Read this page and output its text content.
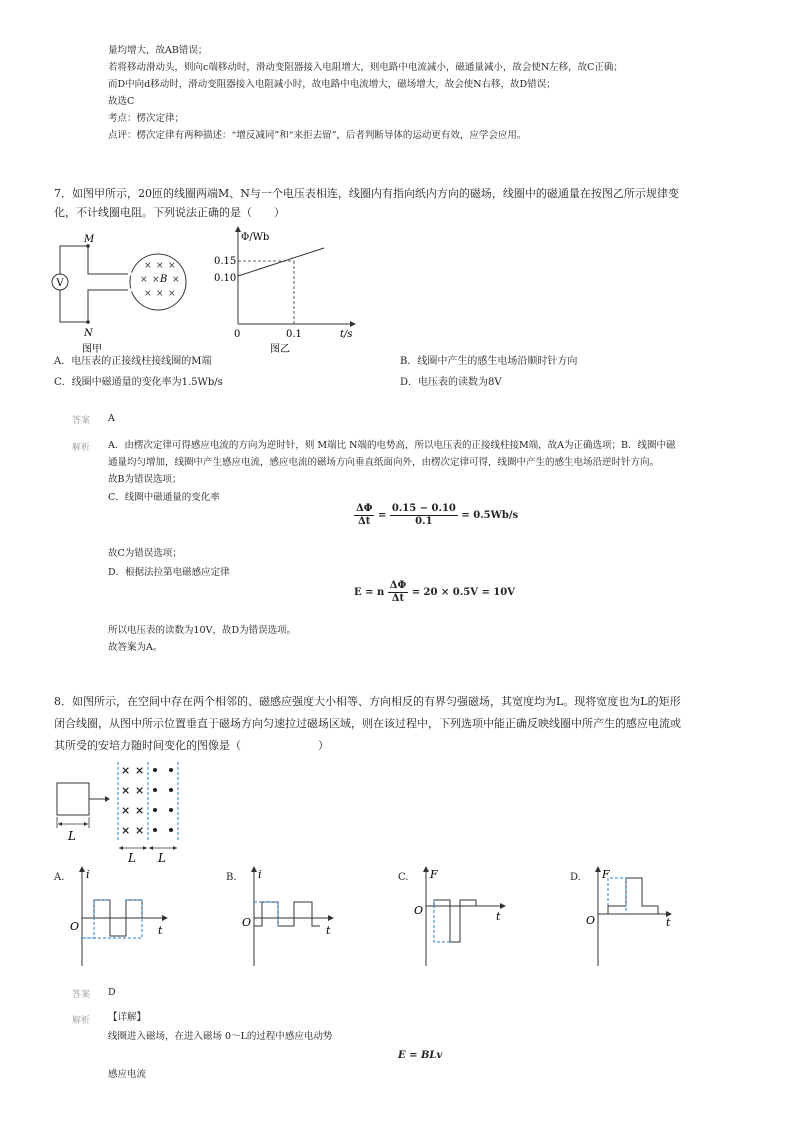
量均增大，故AB错误；
若将移动滑动头，则向c端移动时，滑动变阻器接入电阻增大，则电路中电流减小，磁通量减小，故会使N左移，故C正确；
而D中向d移动时，滑动变阻器接入电阻减小时，故电路中电流增大，磁场增大，故会使N右移，故D错误；
故选C
考点：楞次定律；
点评：楞次定律有两种描述：“增反减同”和“来拒去留”，后者判断导体的运动更有效，应学会应用。
7．如图甲所示，20匝的线圈两端M、N与一个电压表相连，线圈内有指向纸内方向的磁场，线圈中的磁通量在按图乙所示规律变
化，不计线圈电阻。下列说法正确的是（　　）
V
× × ×
× × ×
× × ×
B
M
N
图甲
Φ/Wb
0.15
0.10
0	0.1	t/s
图乙
A．电压表的正接线柱接线圈的M端	B．线圈中产生的感生电场沿顺时针方向
C．线圈中磁通量的变化率为1.5Wb/s	D．电压表的读数为8V
答案 A
解析 A．由楞次定律可得感应电流的方向为逆时针，则 M端比 N端的电势高，所以电压表的正接线柱接M端，故A为正确选项；B．线圈中磁
通量均匀增加，线圈中产生感应电流，感应电流的磁场方向垂直纸面向外，由楞次定律可得，线圈中产生的感生电场沿逆时针方向。
故B为错误选项；
C．线圈中磁通量的变化率
$\frac{\Delta\Phi}{\Delta t} = \frac{0.15 - 0.10}{0.1} = 0.5Wb/s$
故C为错误选项；
D．根据法拉第电磁感应定律
E = n $\frac{\Delta\Phi}{\Delta t} = 20 \times 0.5V = 10V$
所以电压表的读数为10V，故D为错误选项。
故答案为A。
8．如图所示，在空间中存在两个相邻的、磁感应强度大小相等、方向相反的有界匀强磁场，其宽度均为L。现将宽度也为L的矩形
闭合线圈，从图中所示位置垂直于磁场方向匀速拉过磁场区域，则在该过程中，下列选项中能正确反映线圈中所产生的感应电流或
其所受的安培力随时间变化的图像是（　　　　　　　）
L
× ×
× ×
× ×
× ×
L L
A. i
t
O
B. i
t
O
C. F
t
O
D. F
t
O
答案 D
解析 【详解】
线圈进入磁场，在进入磁场 0～L的过程中感应电动势
E = BLv
感应电流
